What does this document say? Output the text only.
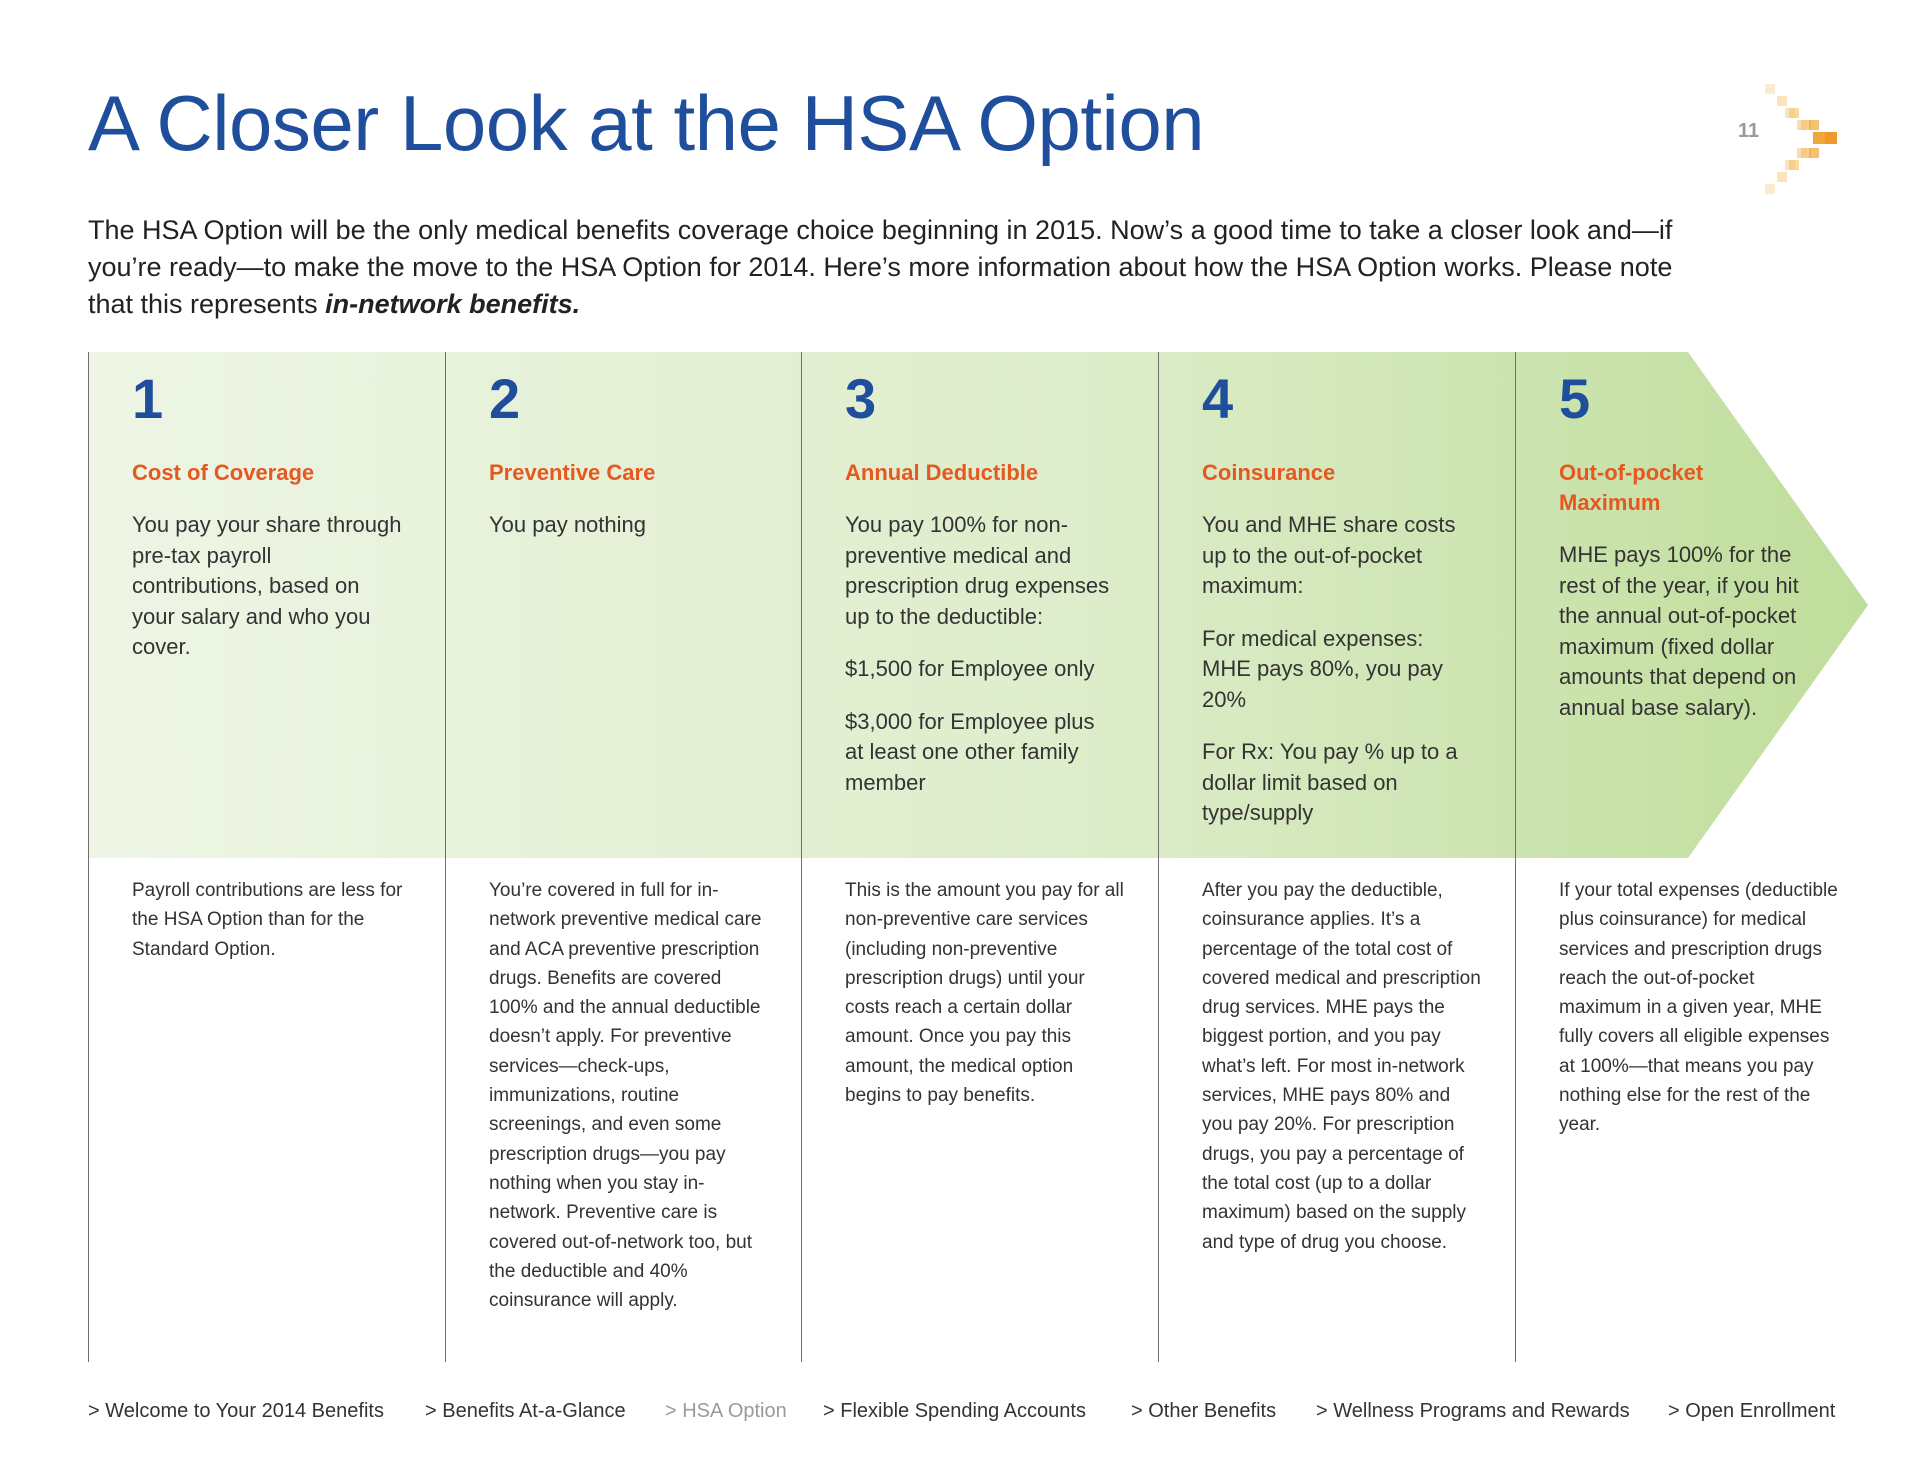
A Closer Look at the HSA Option	11
The HSA Option will be the only medical benefits coverage choice beginning in 2015. Now’s a good time to take a closer look and—if you’re ready—to make the move to the HSA Option for 2014. Here’s more information about how the HSA Option works. Please note that this represents in-network benefits.
1
Cost of Coverage

You pay your share through pre-tax payroll contributions, based on your salary and who you cover.

Payroll contributions are less for the HSA Option than for the Standard Option.
2
Preventive Care

You pay nothing

You’re covered in full for in-network preventive medical care and ACA preventive prescription drugs. Benefits are covered 100% and the annual deductible doesn’t apply. For preventive services—check-ups, immunizations, routine screenings, and even some prescription drugs—you pay nothing when you stay in-network. Preventive care is covered out-of-network too, but the deductible and 40% coinsurance will apply.
3
Annual Deductible

You pay 100% for non-preventive medical and prescription drug expenses up to the deductible:

$1,500 for Employee only

$3,000 for Employee plus at least one other family member

This is the amount you pay for all non-preventive care services (including non-preventive prescription drugs) until your costs reach a certain dollar amount. Once you pay this amount, the medical option begins to pay benefits.
4
Coinsurance

You and MHE share costs up to the out-of-pocket maximum:

For medical expenses: MHE pays 80%, you pay 20%

For Rx: You pay % up to a dollar limit based on type/supply

After you pay the deductible, coinsurance applies. It’s a percentage of the total cost of covered medical and prescription drug services. MHE pays the biggest portion, and you pay what’s left. For most in-network services, MHE pays 80% and you pay 20%. For prescription drugs, you pay a percentage of the total cost (up to a dollar maximum) based on the supply and type of drug you choose.
5
Out-of-pocket Maximum

MHE pays 100% for the rest of the year, if you hit the annual out-of-pocket maximum (fixed dollar amounts that depend on annual base salary).

If your total expenses (deductible plus coinsurance) for medical services and prescription drugs reach the out-of-pocket maximum in a given year, MHE fully covers all eligible expenses at 100%—that means you pay nothing else for the rest of the year.
> Welcome to Your 2014 Benefits > Benefits At-a-Glance > HSA Option > Flexible Spending Accounts > Other Benefits > Wellness Programs and Rewards > Open Enrollment
